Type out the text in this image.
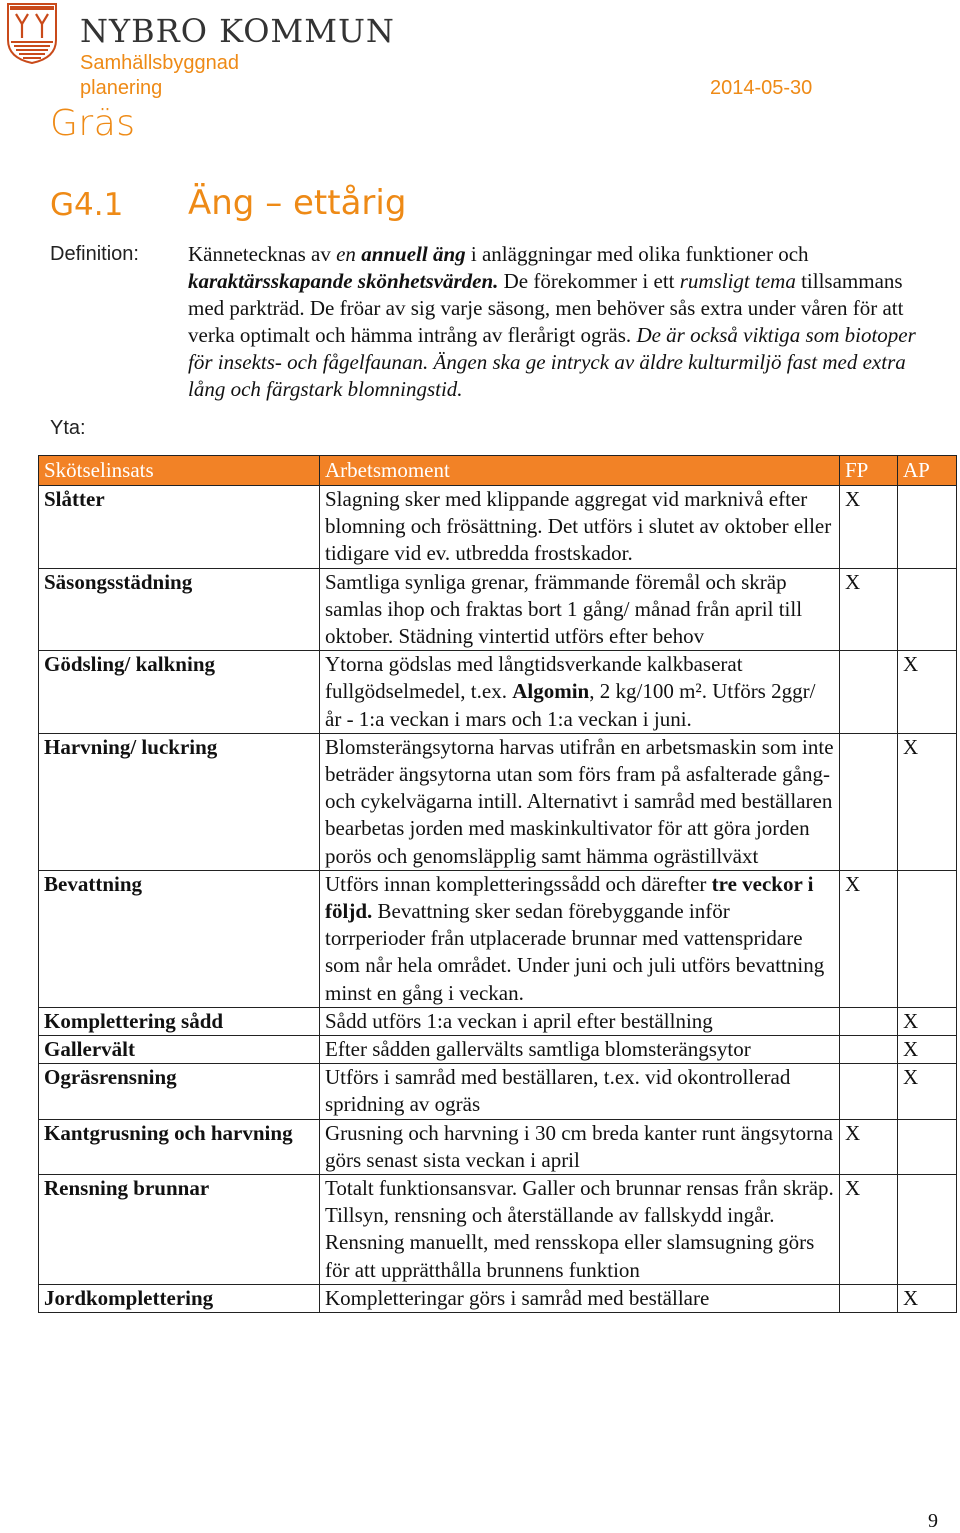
NYBRO KOMMUN
Samhällsbyggnad
planering	2014-05-30
Gräs
G4.1 Äng – ettårig
Definition: Kännetecknas av en annuell äng i anläggningar med olika funktioner och karaktärsskapande skönhetsvärden. De förekommer i ett rumsligt tema tillsammans med parkträd. De fröar av sig varje säsong, men behöver sås extra under våren för att verka optimalt och hämma intrång av flerårigt ogräs. De är också viktiga som biotoper för insekts- och fågelfaunan. Ängen ska ge intryck av äldre kulturmiljö fast med extra lång och färgstark blomningstid.
Yta:
Skötselinsats	Arbetsmoment	FP	AP
Slåtter	Slagning sker med klippande aggregat vid marknivå efter blomning och frösättning. Det utförs i slutet av oktober eller tidigare vid ev. utbredda frostskador.	X	
Säsongsstädning	Samtliga synliga grenar, främmande föremål och skräp samlas ihop och fraktas bort 1 gång/ månad från april till oktober. Städning vintertid utförs efter behov	X	
Gödsling/ kalkning	Ytorna gödslas med långtidsverkande kalkbaserat fullgödselmedel, t.ex. Algomin, 2 kg/100 m². Utförs 2ggr/ år - 1:a veckan i mars och 1:a veckan i juni.		X
Harvning/ luckring	Blomsterängsytorna harvas utifrån en arbetsmaskin som inte beträder ängsytorna utan som förs fram på asfalterade gång- och cykelvägarna intill. Alternativt i samråd med beställaren bearbetas jorden med maskinkultivator för att göra jorden porös och genomsläpplig samt hämma ogrästillväxt		X
Bevattning	Utförs innan kompletteringssådd och därefter tre veckor i följd. Bevattning sker sedan förebyggande inför torrperioder från utplacerade brunnar med vattenspridare som når hela området. Under juni och juli utförs bevattning minst en gång i veckan.	X	
Komplettering sådd	Sådd utförs 1:a veckan i april efter beställning		X
Gallervält	Efter sådden gallervälts samtliga blomsterängsytor		X
Ogräsrensning	Utförs i samråd med beställaren, t.ex. vid okontrollerad spridning av ogräs		X
Kantgrusning och harvning	Grusning och harvning i 30 cm breda kanter runt ängsytorna görs senast sista veckan i april	X	
Rensning brunnar	Totalt funktionsansvar. Galler och brunnar rensas från skräp. Tillsyn, rensning och återställande av fallskydd ingår. Rensning manuellt, med rensskopa eller slamsugning görs för att upprätthålla brunnens funktion	X	
Jordkomplettering	Kompletteringar görs i samråd med beställare		X
9
